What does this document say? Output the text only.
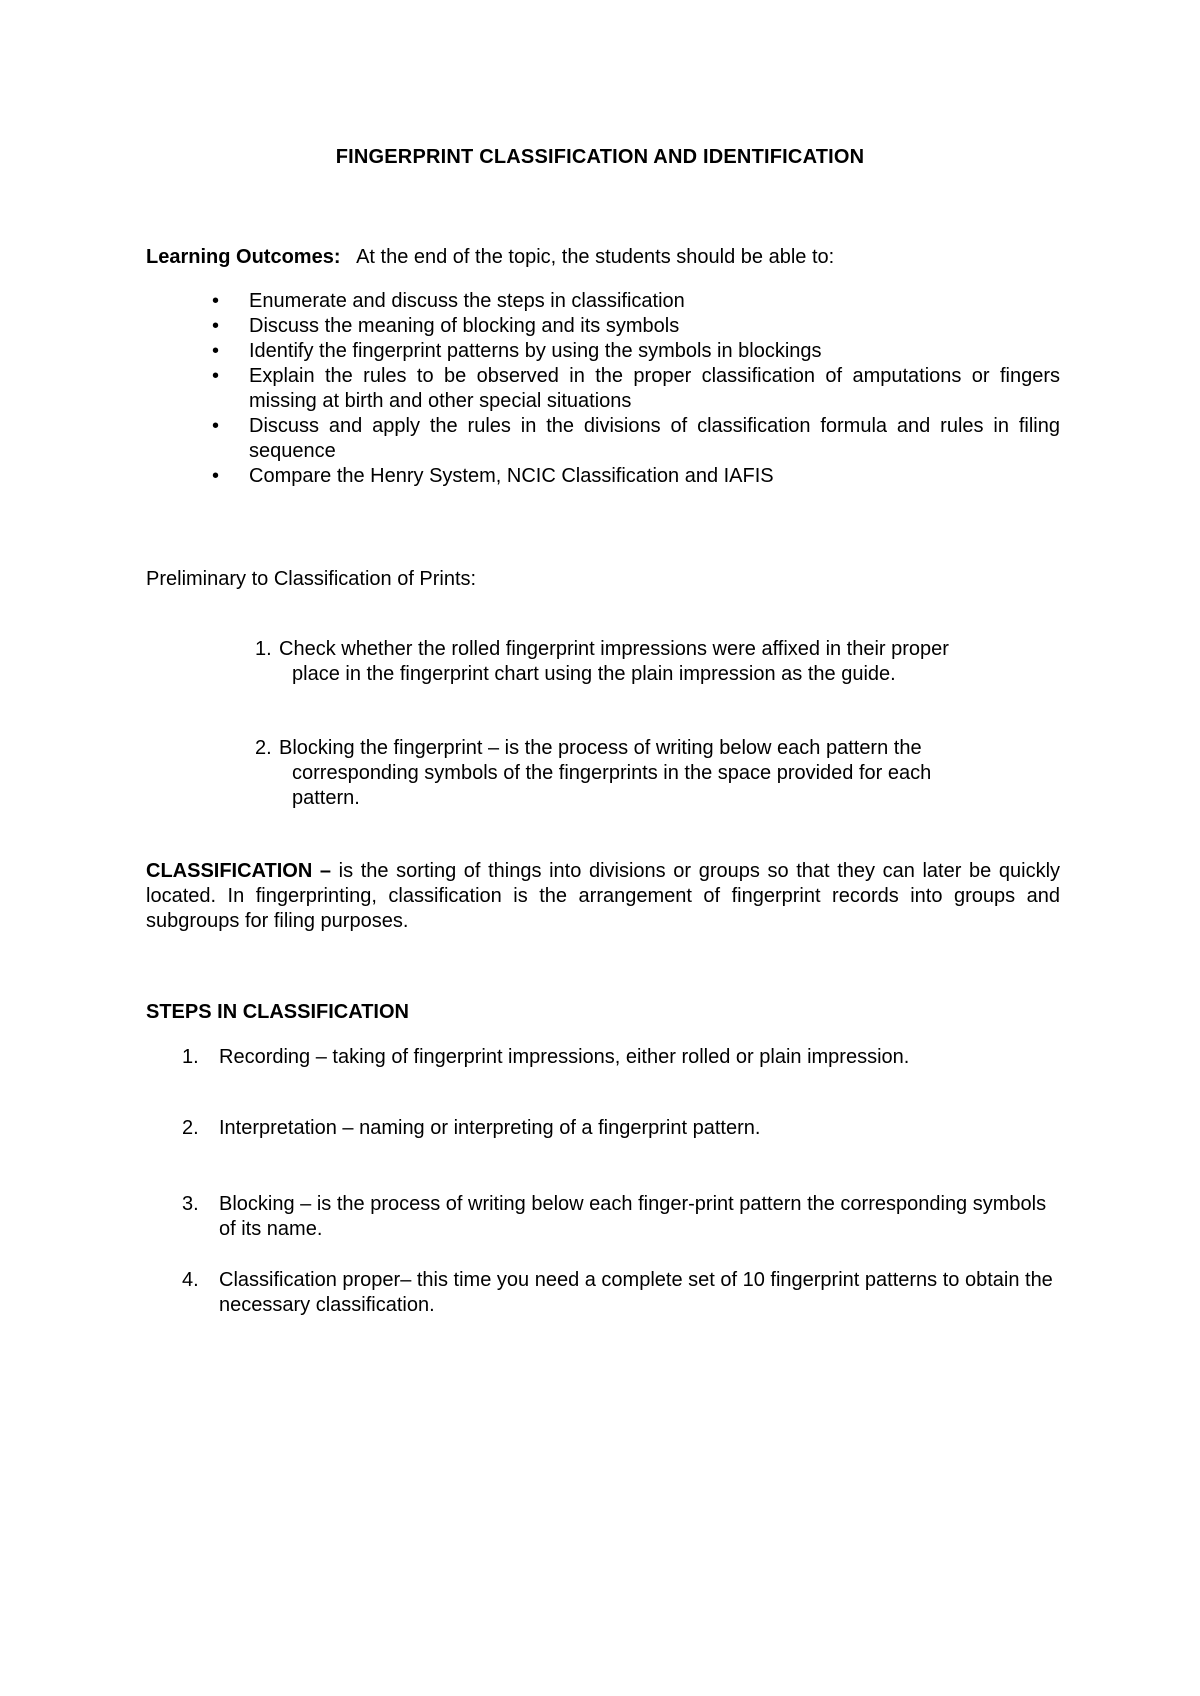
FINGERPRINT CLASSIFICATION AND IDENTIFICATION
Learning Outcomes: At the end of the topic, the students should be able to:
• Enumerate and discuss the steps in classification
• Discuss the meaning of blocking and its symbols
• Identify the fingerprint patterns by using the symbols in blockings
• Explain the rules to be observed in the proper classification of amputations or fingers missing at birth and other special situations
• Discuss and apply the rules in the divisions of classification formula and rules in filing sequence
• Compare the Henry System, NCIC Classification and IAFIS
Preliminary to Classification of Prints:
1. Check whether the rolled fingerprint impressions were affixed in their proper
place in the fingerprint chart using the plain impression as the guide.
2. Blocking the fingerprint – is the process of writing below each pattern the
corresponding symbols of the fingerprints in the space provided for each pattern.
CLASSIFICATION – is the sorting of things into divisions or groups so that they can later be quickly located. In fingerprinting, classification is the arrangement of fingerprint records into groups and subgroups for filing purposes.
STEPS IN CLASSIFICATION
1.	Recording – taking of fingerprint impressions, either rolled or plain impression.
2.	Interpretation – naming or interpreting of a fingerprint pattern.
3.	Blocking – is the process of writing below each finger-print pattern the corresponding symbols of its name.
4.	Classification proper– this time you need a complete set of 10 fingerprint patterns to obtain the necessary classification.
